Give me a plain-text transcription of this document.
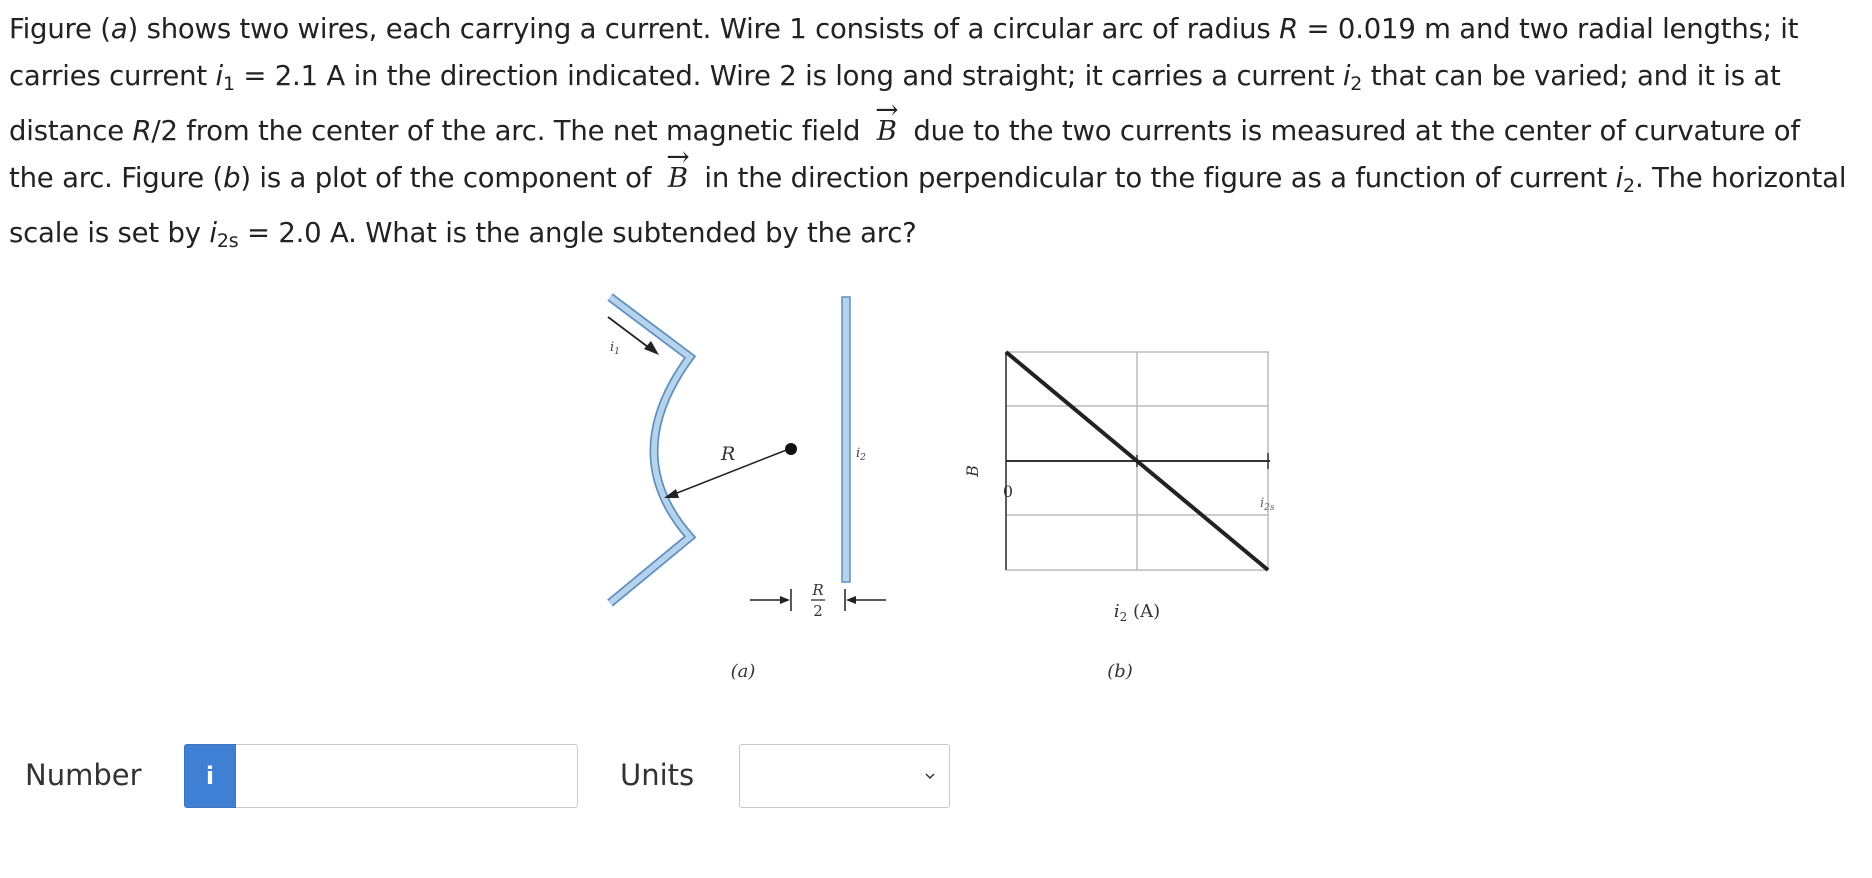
Figure (a) shows two wires, each carrying a current. Wire 1 consists of a circular arc of radius R = 0.019 m and two radial lengths; it carries current $i_1 = 2.1$ A in the direction indicated. Wire 2 is long and straight; it carries a current $i_2$ that can be varied; and it is at distance R/2 from the center of the arc. The net magnetic field → B due to the two currents is measured at the center of curvature of the arc. Figure (b) is a plot of the component of → B in the direction perpendicular to the figure as a function of current $i_2$. The horizontal scale is set by $i_{2s} = 2.0$ A. What is the angle subtended by the arc?

$i_1$
R	$i_2$
R
2
(a)
B
0
$i_{2s}$
$i_2$ (A)
(b)
Number	i	Units
